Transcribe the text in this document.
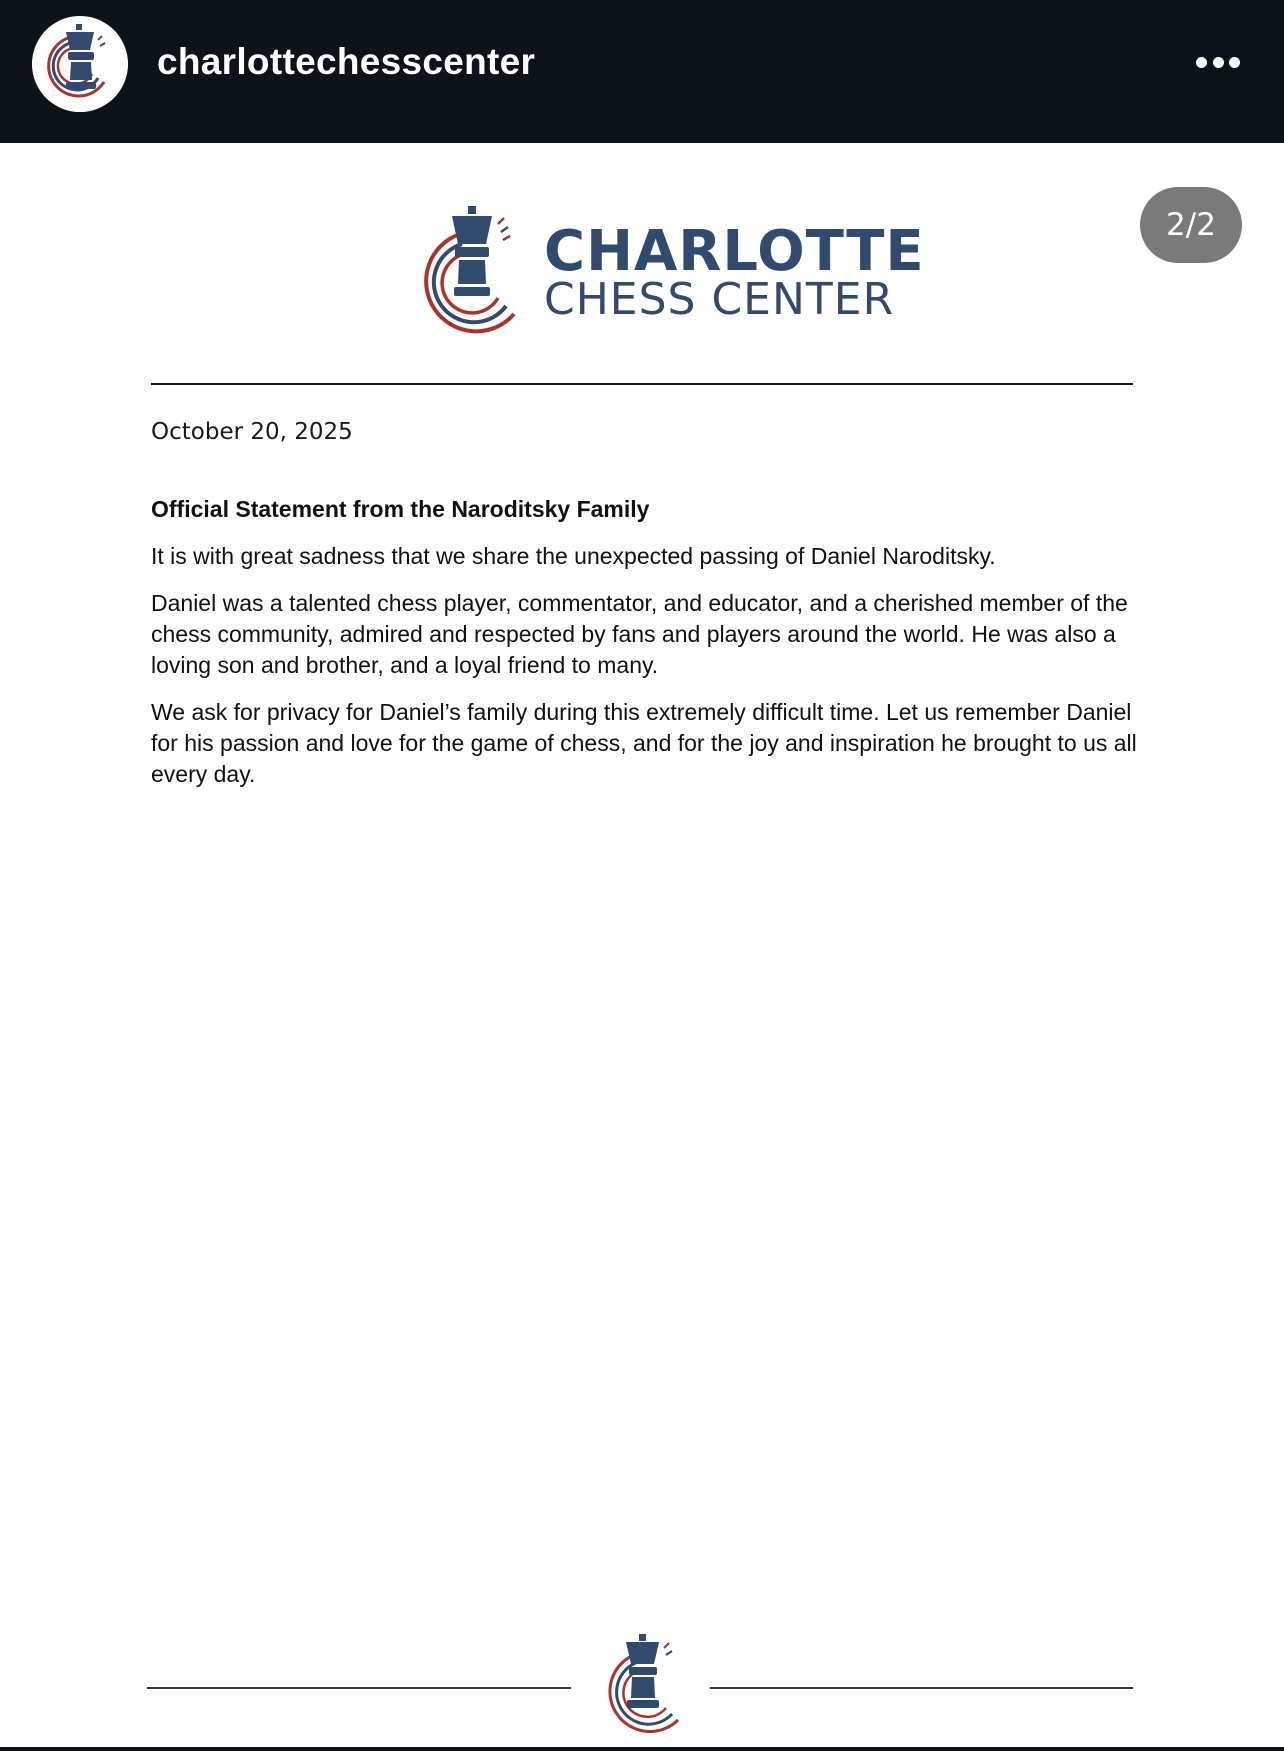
charlottechesscenter
2/2
CHARLOTTE
CHESS CENTER
October 20, 2025

Official Statement from the Naroditsky Family

It is with great sadness that we share the unexpected passing of Daniel Naroditsky.

Daniel was a talented chess player, commentator, and educator, and a cherished member of the chess community, admired and respected by fans and players around the world. He was also a loving son and brother, and a loyal friend to many.

We ask for privacy for Daniel’s family during this extremely difficult time. Let us remember Daniel for his passion and love for the game of chess, and for the joy and inspiration he brought to us all every day.
